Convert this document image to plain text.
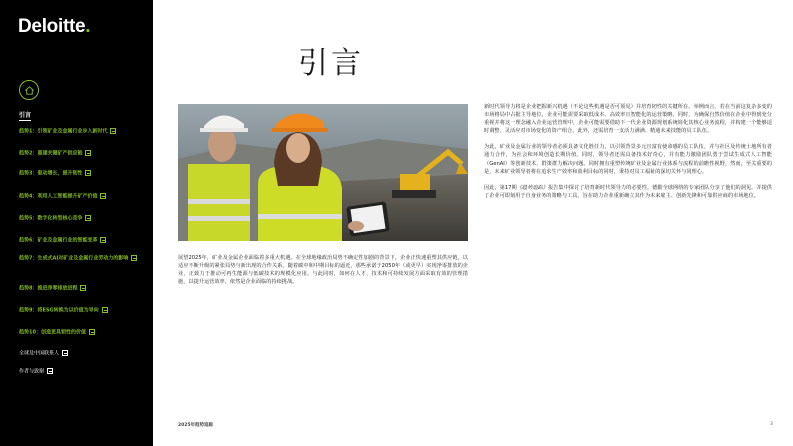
Deloitte.
引言
趋势1：引领矿业及金属行业步入新时代
趋势2：重建关键矿产供应链
趋势3：驱动增长，提升韧性
趋势4：利用人工智能提升矿产价值
趋势5：数字化转型核心竞争
趋势6：矿业及金属行业的智能变革
趋势7：生成式AI对矿业及金属行业劳动力的影响
趋势8：推进净零排放进程
趋势9：将ESG转换为以价值为导向
趋势10：创造更具韧性的价值
全球及中国联系人
作者与致谢
引言

展望2025年，矿业及金属企业面临着多重大机遇。在全球地缘政治局势不确定性加剧的背景下，企业正快速重塑其供应链，以适应不断升级的紧张局势与新出现的合作关系。随着碳中和中期目标的逼近，那些承诺于2050年（或更早）实现净零排放的企业，正致力于推动可再生能源与低碳技术的规模化应用。与此同时，如何在人才、技术和可持续发展方面采取有效的管理措施，以提升运营效率，依然是企业面临的持续挑战。

新时代领导力将是企业把握新兴机遇（不论这些机遇是否可预见）并培育韧性的关键所在。举例而言，若在当前这复杂多变的市场格局中占据主导地位，企业可能需要采取低成本、高效率且智能化的运营策略。同时，为确保自然价值在企业中得到充分重视并将这一理念融入企业运营管理中，企业可能需要借助下一代企业资源规划系统简化其核心业务流程，并构建一个能够适时调整、灵活应对市场变化的资产组合。此外，还需培育一支活力满满、精通未来技能的员工队伍。

为此，矿业及金属行业的领导者必须具备文化胜任力，以引领背景多元且富有使命感的员工队伍，并与社区及传统土地所有者通力合作，为社会和环境创造长期价值。同时，领导者还需具备技术好奇心，并有能力激励团队勇于尝试生成式人工智能（GenAI）等创新技术、群策群力解决问题。同时拥有重塑传统矿业及金属行业体系与流程的前瞻性视野。然而，至关重要的是，未来矿业领导者将在追求生产效率和盈利目标的同时，秉持对员工福祉的深切关怀与同理心。

因此，第17期《趋势追踪》报告集中探讨了培育新时代领导力的必要性。德勤全球网络的专家团队分享了他们的洞见，并提供了企业可即刻用于自身业务的策略与工具，旨在助力企业重新确立其作为未来雇主、创新先锋和可靠供应商的市场地位。

2025年趋势追踪	3
